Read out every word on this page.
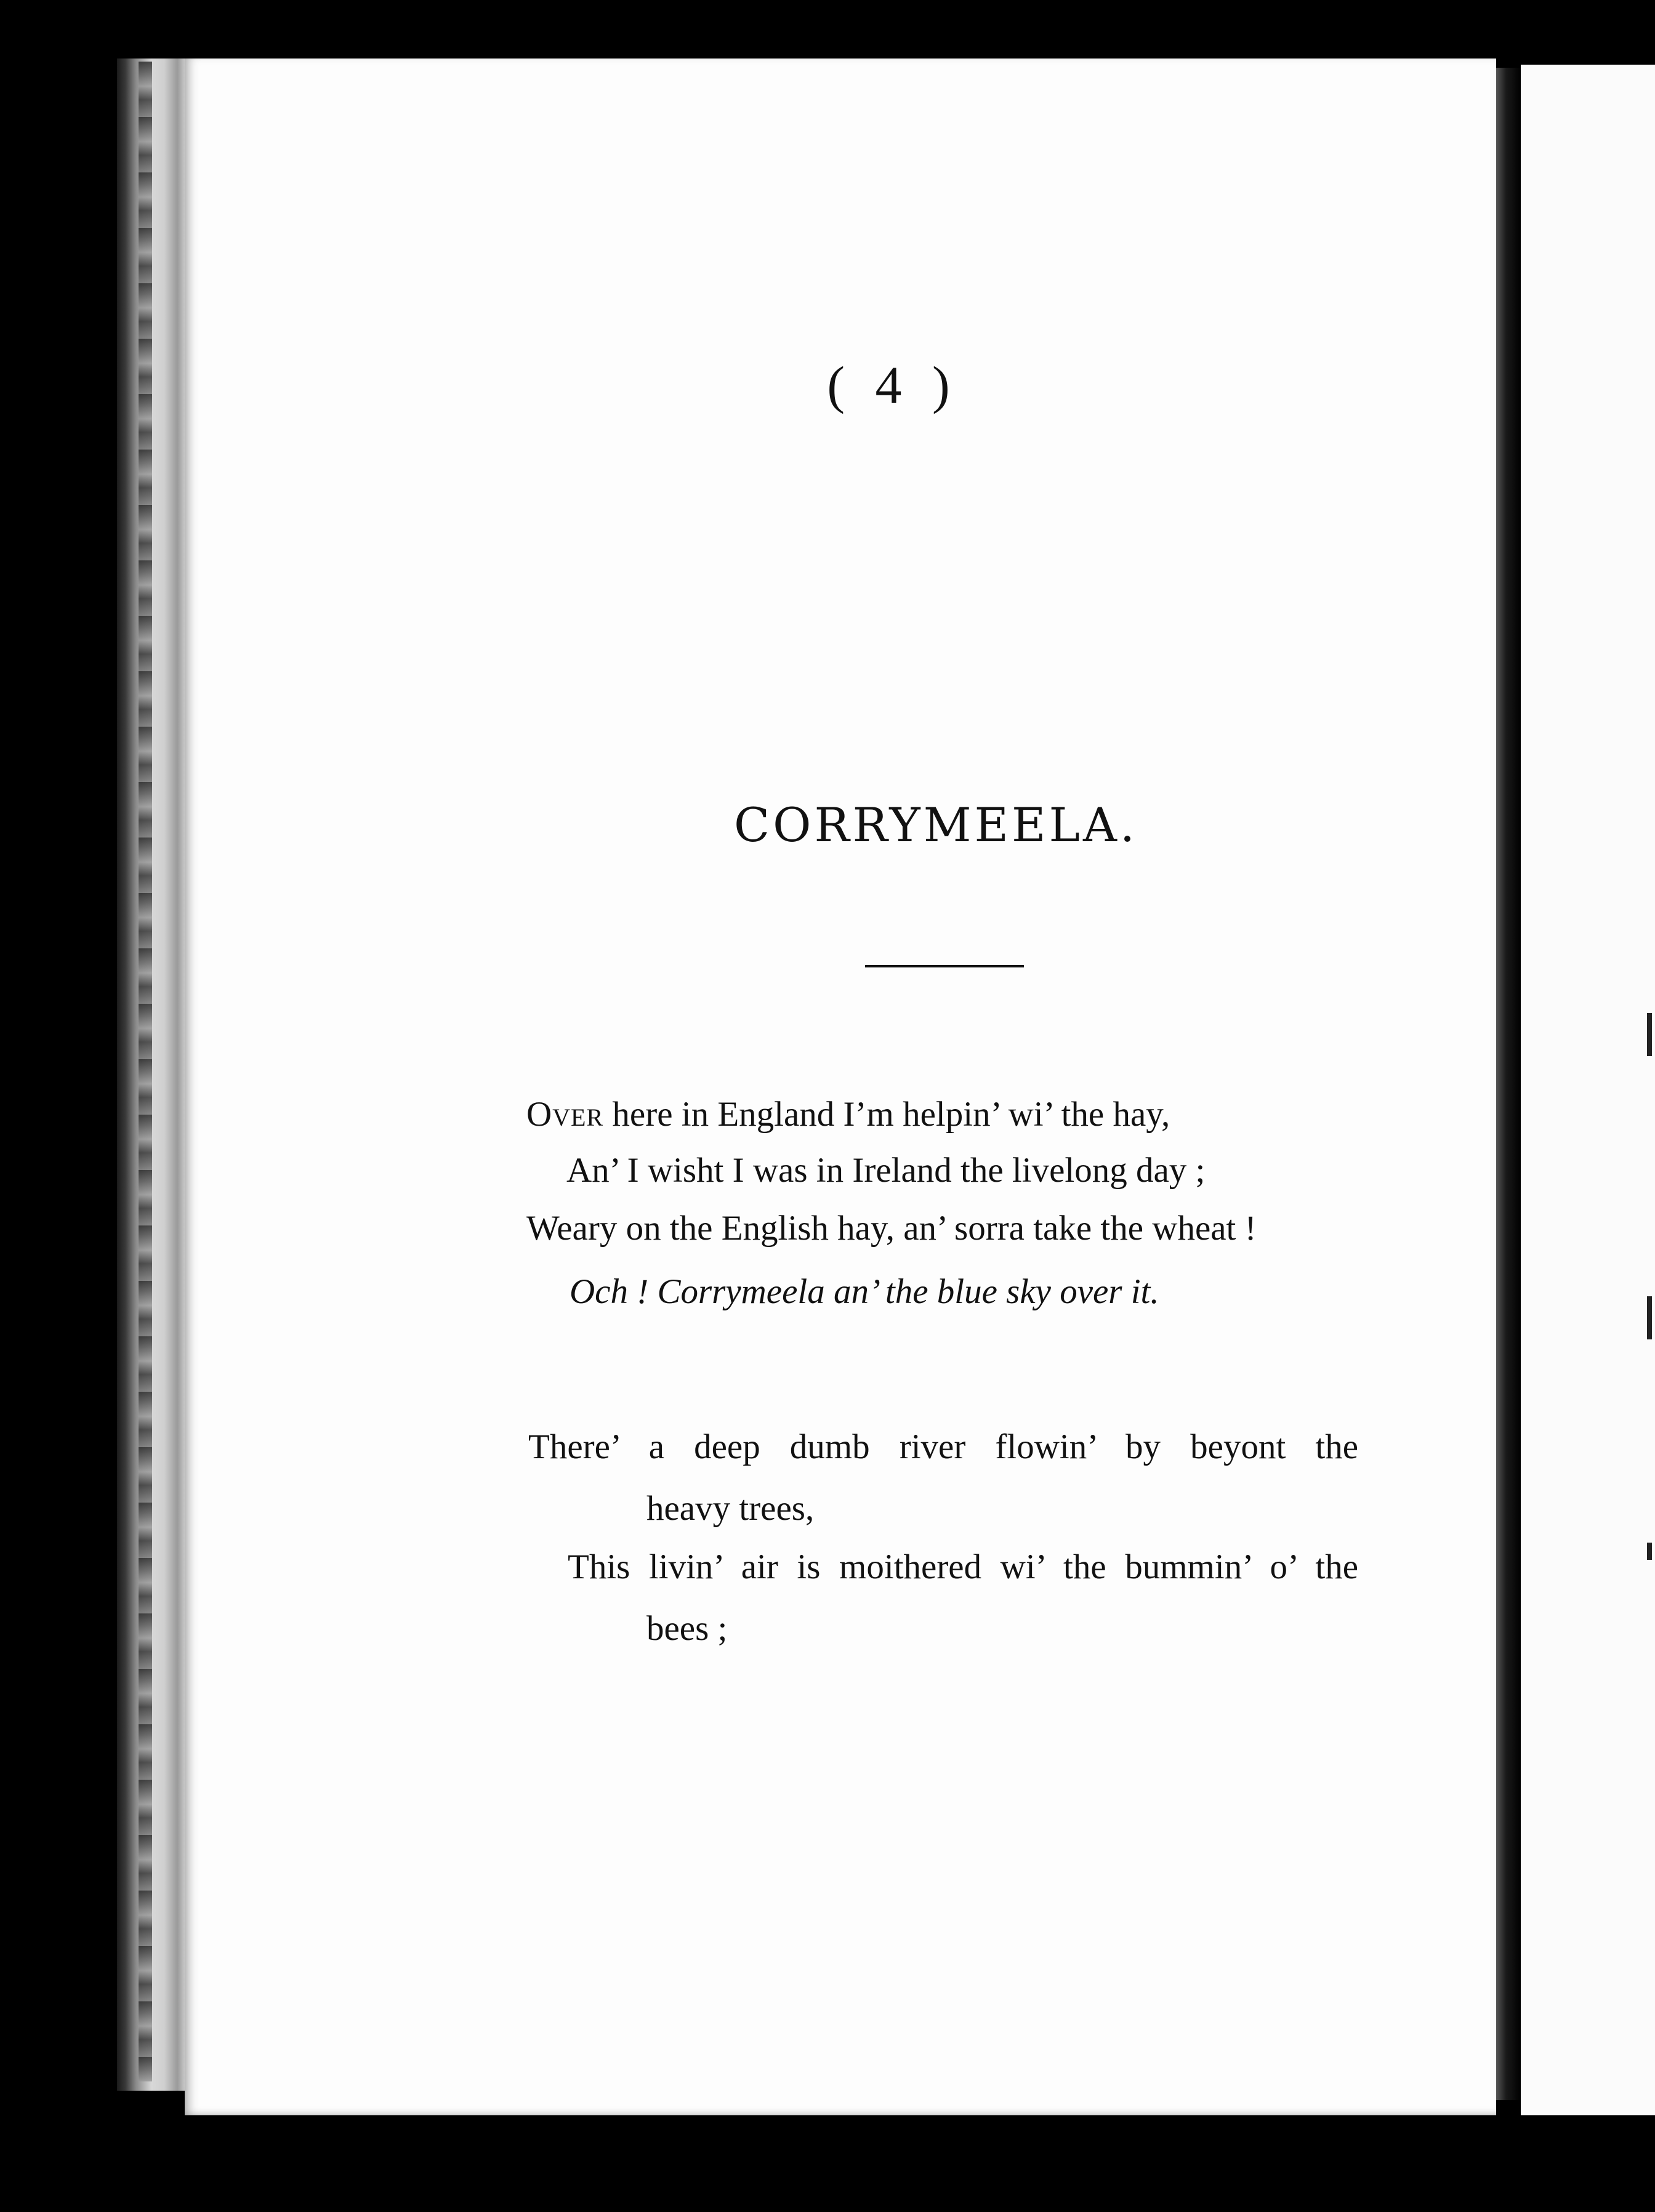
( 4 )
CORRYMEELA.
Over here in England I’m helpin’ wi’ the hay,
An’ I wisht I was in Ireland the livelong day ;
Weary on the English hay, an’ sorra take the wheat !
Och ! Corrymeela an’ the blue sky over it.
There’ a deep dumb river flowin’ by beyont the
heavy trees,
This livin’ air is moithered wi’ the bummin’ o’ the
bees ;
